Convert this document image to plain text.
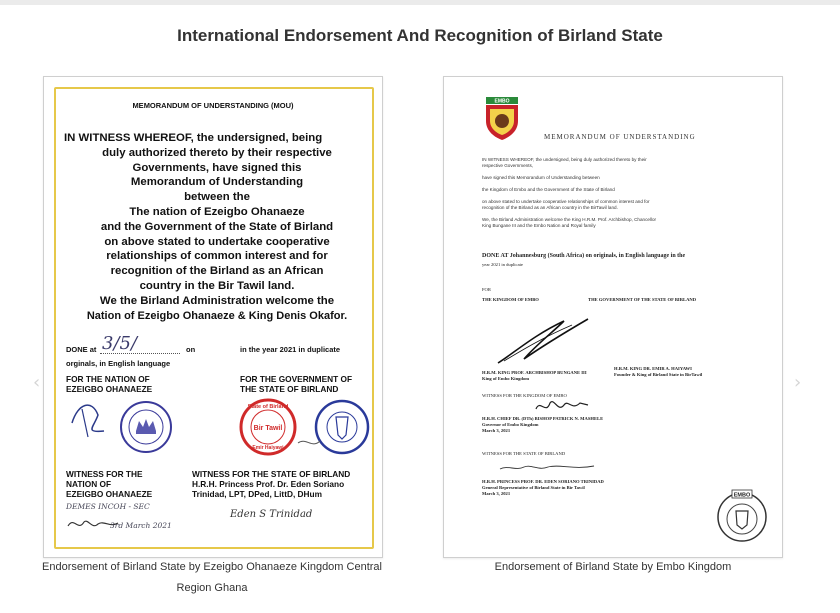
International Endorsement And Recognition of Birland State
‹	›
MEMORANDUM OF UNDERSTANDING (MOU)
IN WITNESS WHEREOF, the undersigned, being
duly authorized thereto by their respective
Governments, have signed this
Memorandum of Understanding
between the
The nation of Ezeigbo Ohanaeze
and the Government of the State of Birland
on above stated to undertake cooperative
relationships of common interest and for
recognition of the Birland as an African
country in the Bir Tawil land.
We the Birland Administration welcome the
Nation of Ezeigbo Ohanaeze & King Denis Okafor.
DONE at 3/5/	on
orginals, in English language
in the year 2021 in duplicate
FOR THE NATION OF
EZEIGBO OHANAEZE
FOR THE GOVERNMENT OF
THE STATE OF BIRLAND
Bir Tawil
State of Birland
Emir Haiyawi
WITNESS FOR THE
NATION OF
EZEIGBO OHANAEZE
WITNESS FOR THE STATE OF BIRLAND
H.R.H. Princess Prof. Dr. Eden Soriano
Trinidad, LPT, DPed, LittD, DHum
DEMES INCOH - SEC
3rd March 2021
Eden S Trinidad
Endorsement of Birland State by Ezeigbo Ohanaeze Kingdom Central
Region Ghana
EMBO
MEMORANDUM OF UNDERSTANDING
IN WITNESS WHEREOF, the undersigned, being duly authorized thereto by their
respective Governments,
have signed this Memorandum of Understanding between
the Kingdom of Embo and the Government of the State of Birland
on above stated to undertake cooperative relationships of common interest and for
recognition of the Birland as an African country in the BirTawil land.
We, the Birland Administration welcome the King H.R.M. Prof. Archbishop, Chancellor
King Bungane III and the Embo Nation and Royal family
DONE AT Johannesburg (South Africa) on originals, in English language in the
year 2021 in duplicate
FOR
THE KINGDOM OF EMBO	THE GOVERNMENT OF THE STATE OF BIRLAND
H.R.M. KING PROF. ARCHBISHOP BUNGANE III
King of Embo Kingdom
H.R.M. KING DR. EMIR A. HAIYAWI
Founder & King of Birland State in BirTawil
WITNESS FOR THE KINGDOM OF EMBO
H.R.H. CHIEF DR. (DTh) BISHOP PATRICK N. MASHELE
Governor of Embo Kingdom
March 3, 2021
WITNESS FOR THE STATE OF BIRLAND
H.R.H. PRINCESS PROF. DR. EDEN SORIANO TRINIDAD
General Representative of Birland State in Bir Tawil
March 3, 2021	EMBO
Endorsement of Birland State by Embo Kingdom
